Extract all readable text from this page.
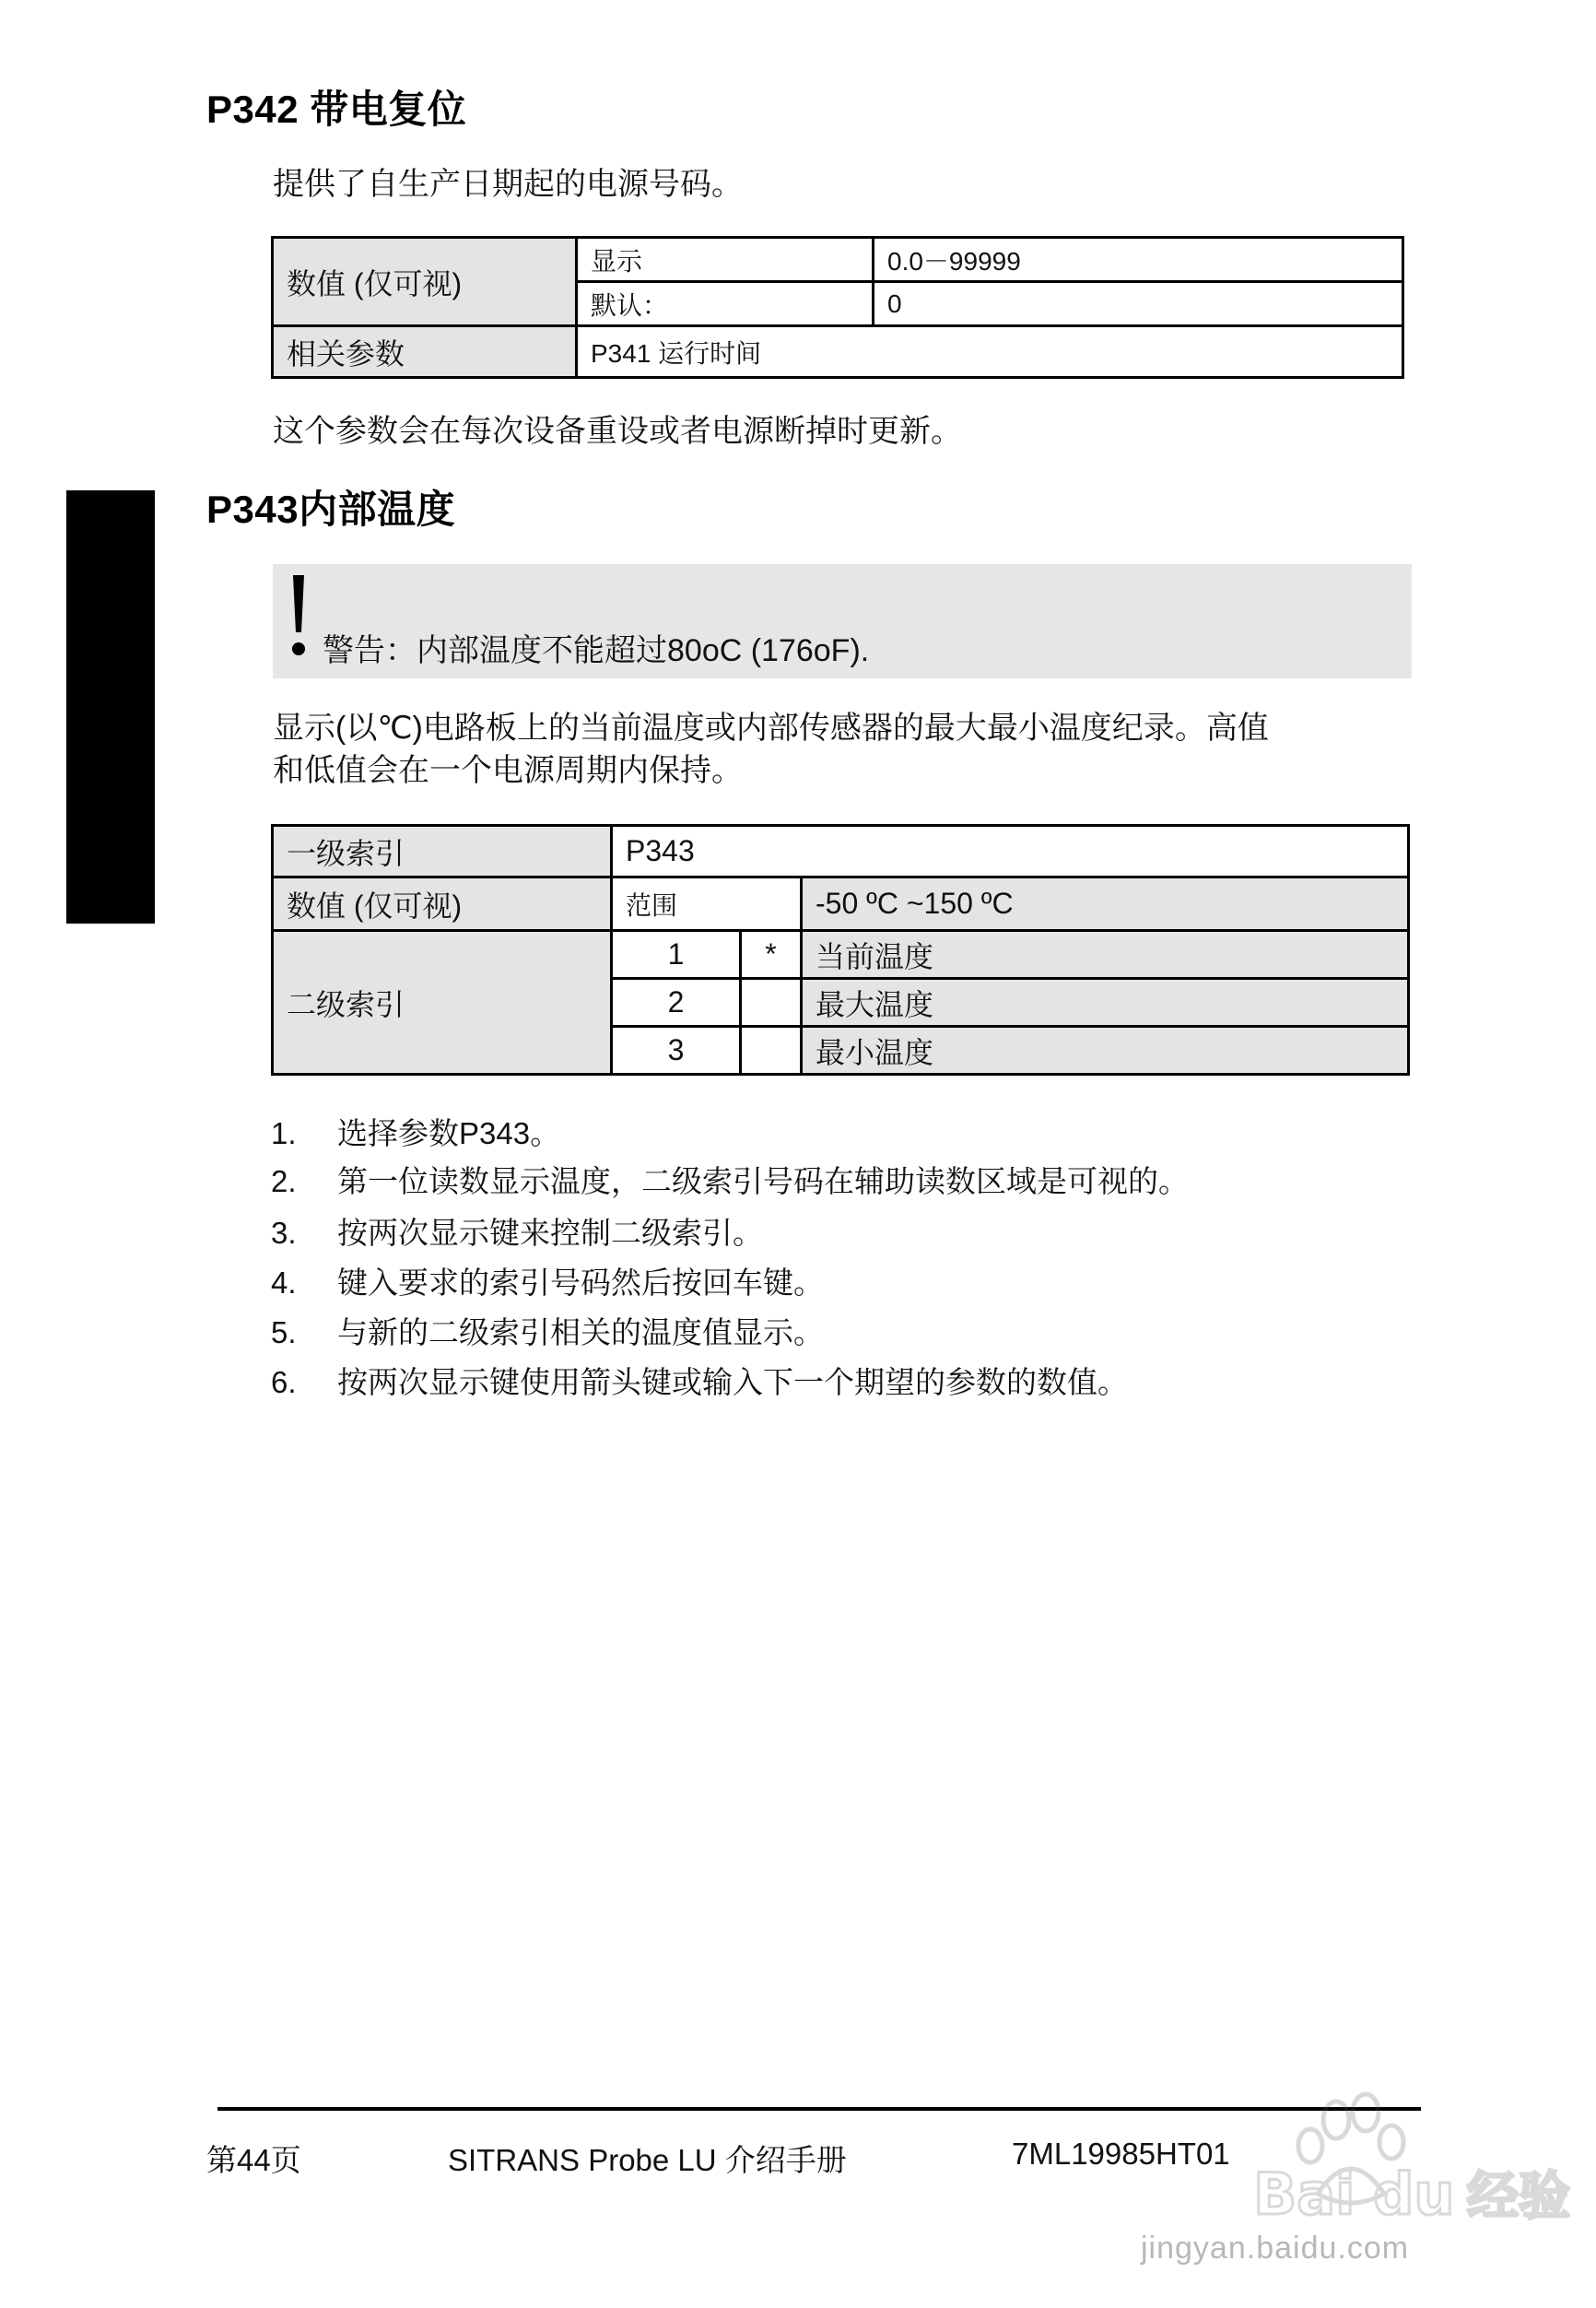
P342 带电复位
提供了自生产日期起的电源号码。
数值 (仅可视)	显示	0.0－99999
	默认：	0
相关参数	P341 运行时间	
这个参数会在每次设备重设或者电源断掉时更新。
P343内部温度
警告：内部温度不能超过80oC (176oF).
显示(以℃)电路板上的当前温度或内部传感器的最大最小温度纪录。高值
和低值会在一个电源周期内保持。
一级索引	P343		
数值 (仅可视)	范围		-50 ºC ~150 ºC
二级索引	1	*	当前温度
	2		最大温度
	3		最小温度
1. 选择参数P343。
2. 第一位读数显示温度，二级索引号码在辅助读数区域是可视的。
3. 按两次显示键来控制二级索引。
4. 键入要求的索引号码然后按回车键。
5. 与新的二级索引相关的温度值显示。
6. 按两次显示键使用箭头键或输入下一个期望的参数的数值。
第44页	SITRANS Probe LU 介绍手册	7ML19985HT01
Bai du 经验
jingyan.baidu.com
